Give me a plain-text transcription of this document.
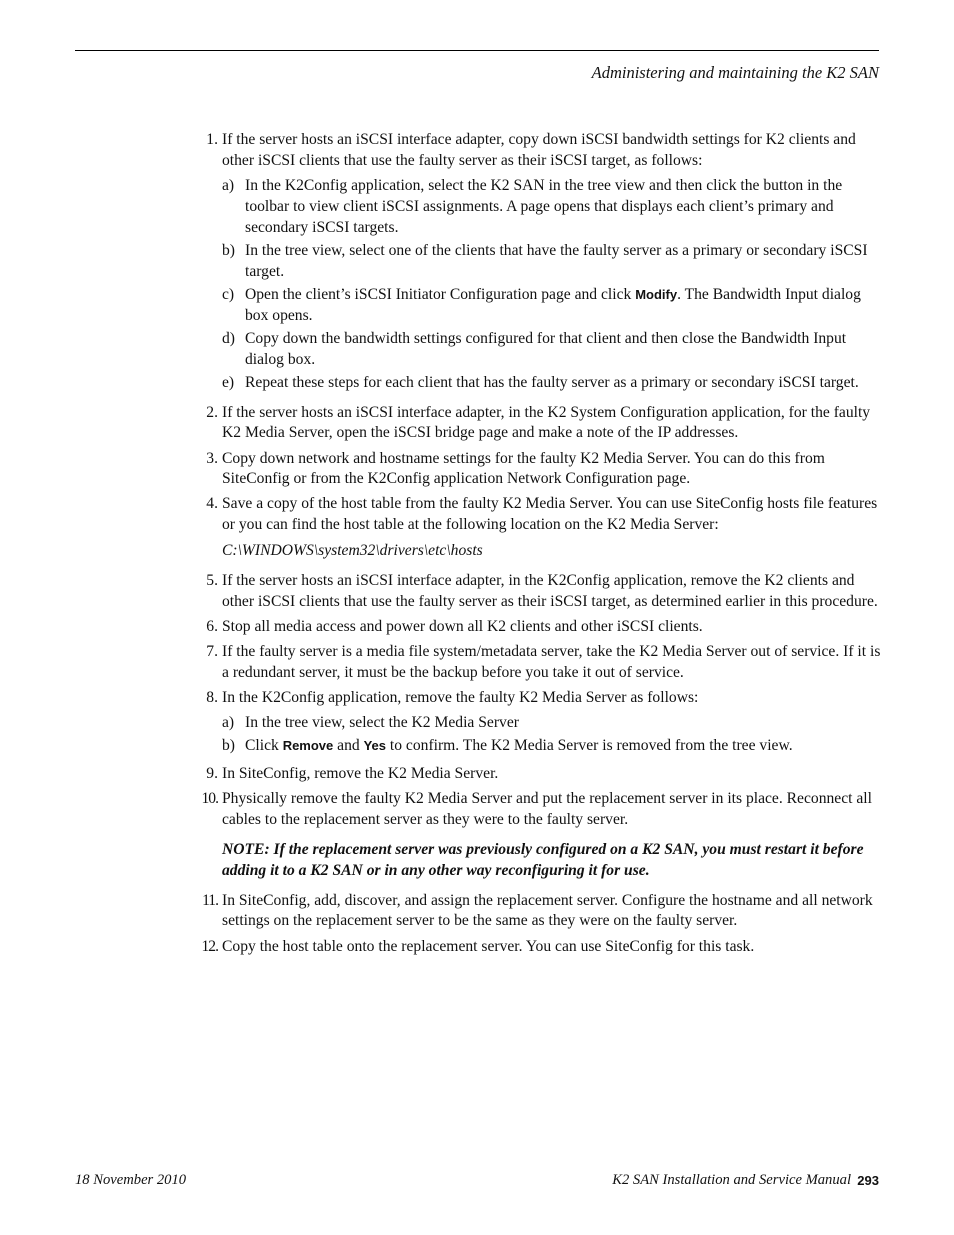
Administering and maintaining the K2 SAN
1. If the server hosts an iSCSI interface adapter, copy down iSCSI bandwidth settings for K2 clients and other iSCSI clients that use the faulty server as their iSCSI target, as follows:
a) In the K2Config application, select the K2 SAN in the tree view and then click the button in the toolbar to view client iSCSI assignments. A page opens that displays each client’s primary and secondary iSCSI targets.
b) In the tree view, select one of the clients that have the faulty server as a primary or secondary iSCSI target.
c) Open the client’s iSCSI Initiator Configuration page and click Modify. The Bandwidth Input dialog box opens.
d) Copy down the bandwidth settings configured for that client and then close the Bandwidth Input dialog box.
e) Repeat these steps for each client that has the faulty server as a primary or secondary iSCSI target.
2. If the server hosts an iSCSI interface adapter, in the K2 System Configuration application, for the faulty K2 Media Server, open the iSCSI bridge page and make a note of the IP addresses.
3. Copy down network and hostname settings for the faulty K2 Media Server. You can do this from SiteConfig or from the K2Config application Network Configuration page.
4. Save a copy of the host table from the faulty K2 Media Server. You can use SiteConfig hosts file features or you can find the host table at the following location on the K2 Media Server:
C:\WINDOWS\system32\drivers\etc\hosts
5. If the server hosts an iSCSI interface adapter, in the K2Config application, remove the K2 clients and other iSCSI clients that use the faulty server as their iSCSI target, as determined earlier in this procedure.
6. Stop all media access and power down all K2 clients and other iSCSI clients.
7. If the faulty server is a media file system/metadata server, take the K2 Media Server out of service. If it is a redundant server, it must be the backup before you take it out of service.
8. In the K2Config application, remove the faulty K2 Media Server as follows:
a) In the tree view, select the K2 Media Server
b) Click Remove and Yes to confirm. The K2 Media Server is removed from the tree view.
9. In SiteConfig, remove the K2 Media Server.
10. Physically remove the faulty K2 Media Server and put the replacement server in its place. Reconnect all cables to the replacement server as they were to the faulty server.
NOTE: If the replacement server was previously configured on a K2 SAN, you must restart it before adding it to a K2 SAN or in any other way reconfiguring it for use.
11. In SiteConfig, add, discover, and assign the replacement server. Configure the hostname and all network settings on the replacement server to be the same as they were on the faulty server.
12. Copy the host table onto the replacement server. You can use SiteConfig for this task.
18 November 2010	K2 SAN Installation and Service Manual 293
